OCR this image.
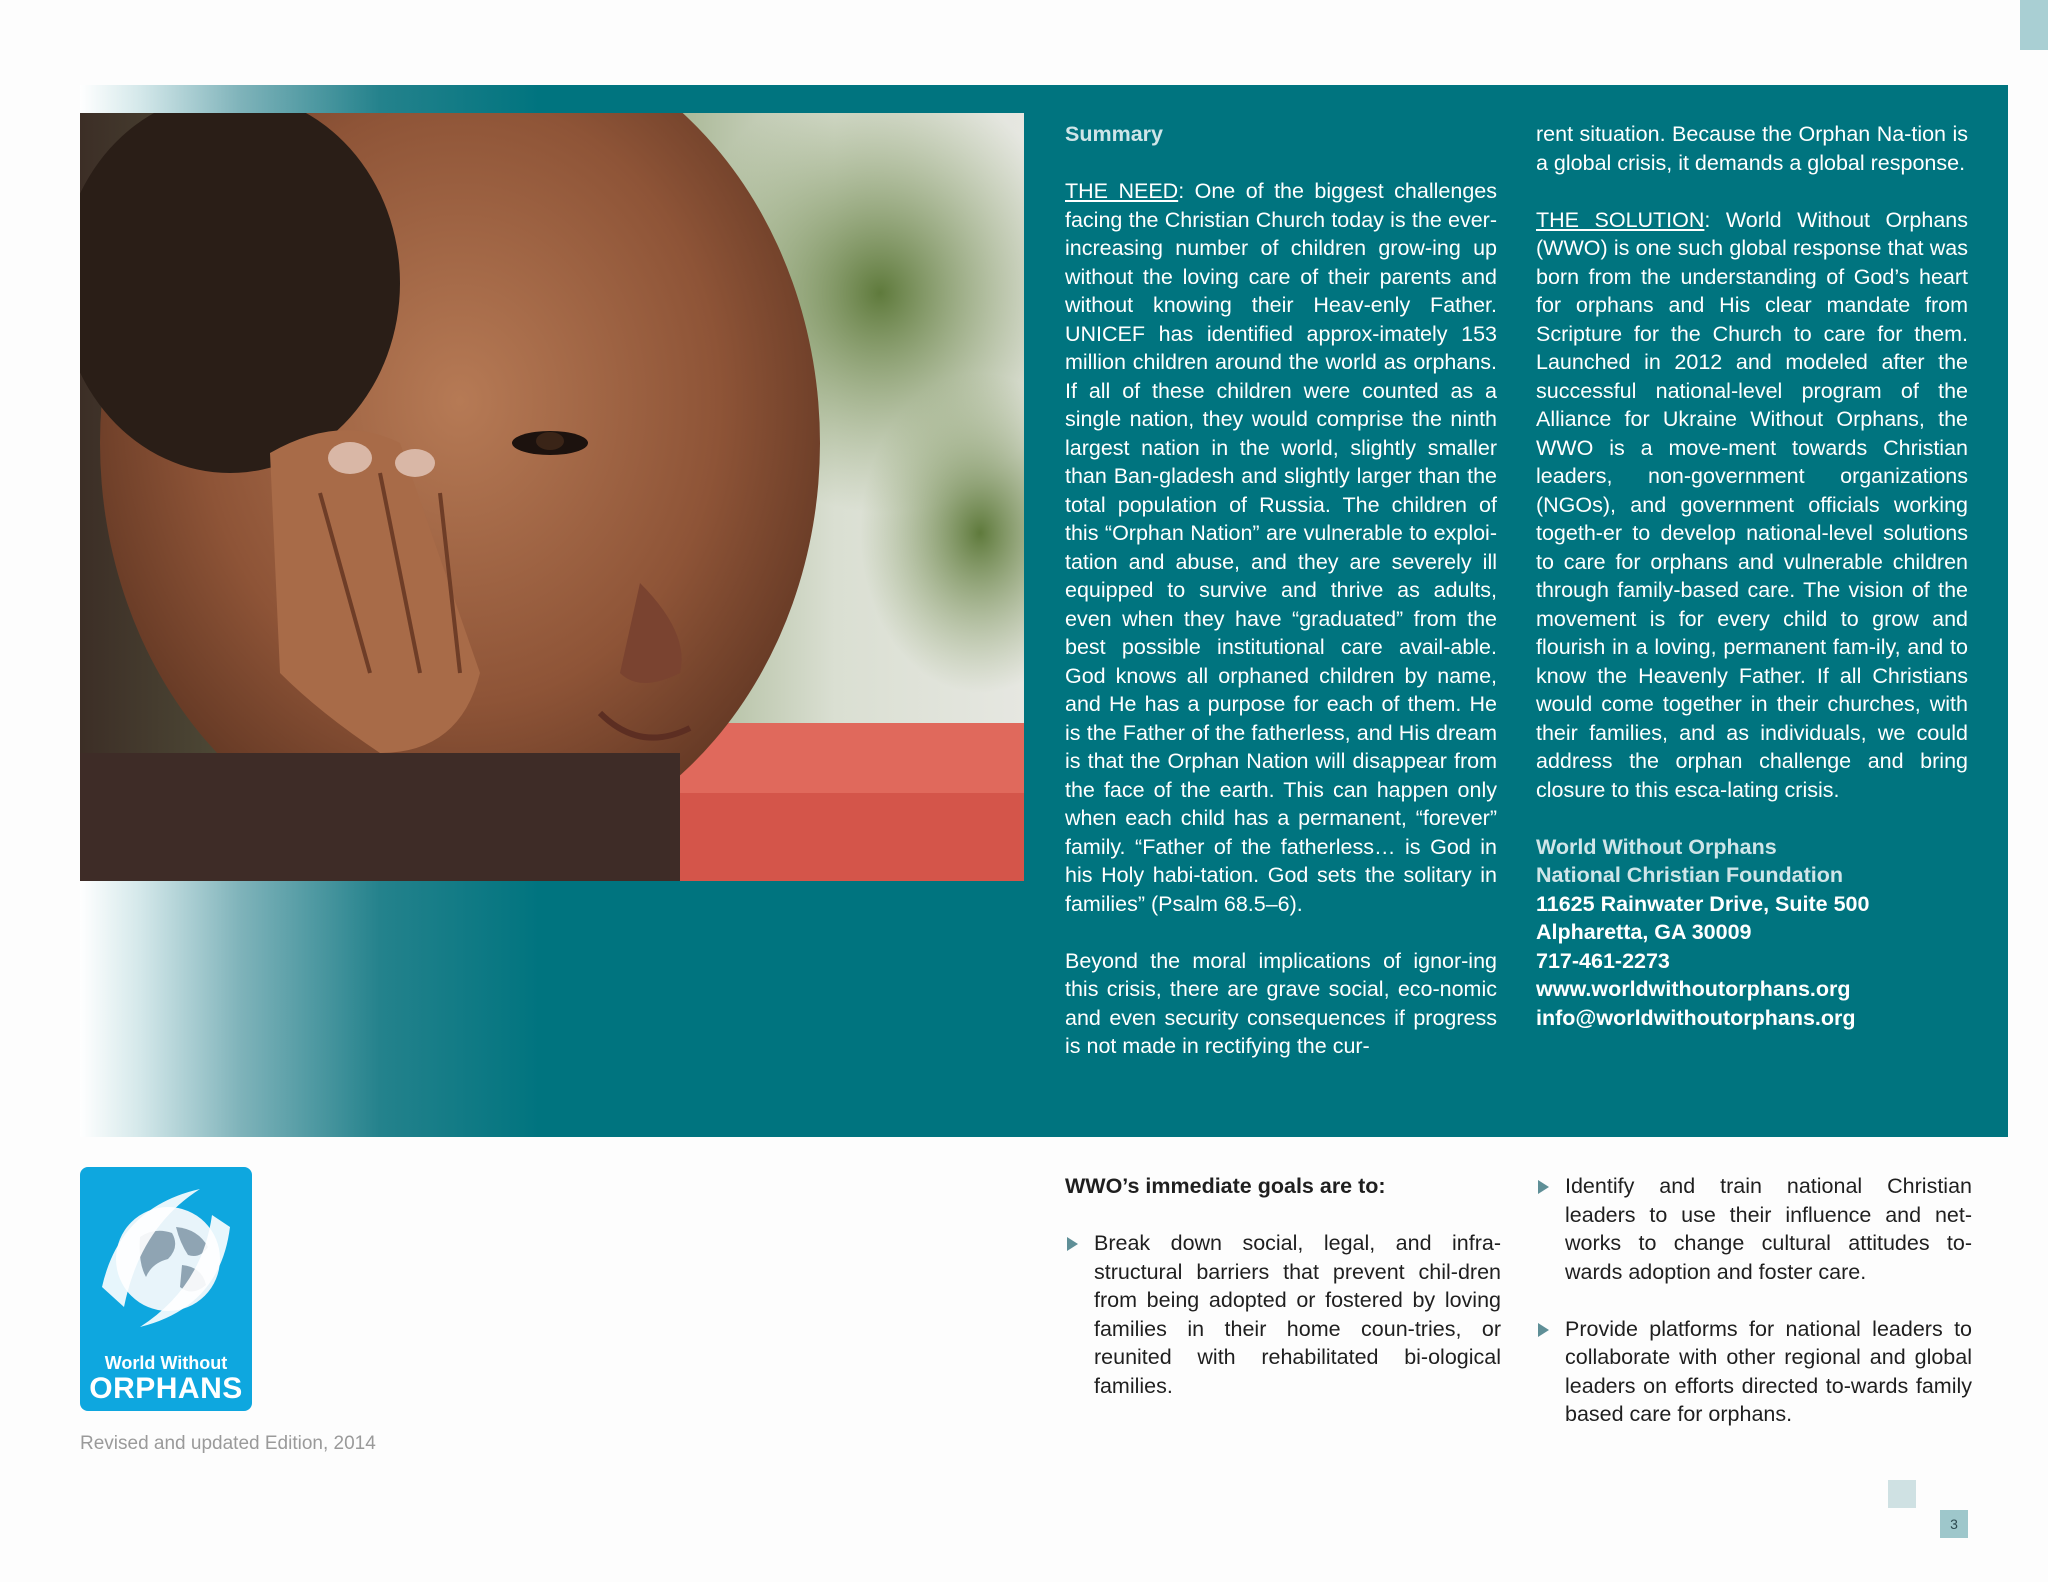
Summary

THE NEED: One of the biggest challenges facing the Christian Church today is the ever-increasing number of children grow-ing up without the loving care of their parents and without knowing their Heav-enly Father. UNICEF has identified approx-imately 153 million children around the world as orphans. If all of these children were counted as a single nation, they would comprise the ninth largest nation in the world, slightly smaller than Ban-gladesh and slightly larger than the total population of Russia. The children of this “Orphan Nation” are vulnerable to exploi-tation and abuse, and they are severely ill equipped to survive and thrive as adults, even when they have “graduated” from the best possible institutional care avail-able. God knows all orphaned children by name, and He has a purpose for each of them. He is the Father of the fatherless, and His dream is that the Orphan Nation will disappear from the face of the earth. This can happen only when each child has a permanent, “forever” family. “Father of the fatherless… is God in his Holy habi-tation. God sets the solitary in families” (Psalm 68.5–6).

Beyond the moral implications of ignor-ing this crisis, there are grave social, eco-nomic and even security consequences if progress is not made in rectifying the cur-

rent situation. Because the Orphan Na-tion is a global crisis, it demands a global response.

THE SOLUTION: World Without Orphans (WWO) is one such global response that was born from the understanding of God’s heart for orphans and His clear mandate from Scripture for the Church to care for them. Launched in 2012 and modeled after the successful national-level program of the Alliance for Ukraine Without Orphans, the WWO is a move-ment towards Christian leaders, non-government organizations (NGOs), and government officials working togeth-er to develop national-level solutions to care for orphans and vulnerable children through family-based care. The vision of the movement is for every child to grow and flourish in a loving, permanent fam-ily, and to know the Heavenly Father. If all Christians would come together in their churches, with their families, and as individuals, we could address the orphan challenge and bring closure to this esca-lating crisis.

World Without Orphans
National Christian Foundation
11625 Rainwater Drive, Suite 500
Alpharetta, GA 30009
717-461-2273
www.worldwithoutorphans.org
info@worldwithoutorphans.org
WWO’s immediate goals are to:
Break down social, legal, and infra-structural barriers that prevent chil-dren from being adopted or fostered by loving families in their home coun-tries, or reunited with rehabilitated bi-ological families.
Identify and train national Christian leaders to use their influence and net-works to change cultural attitudes to-wards adoption and foster care.
Provide platforms for national leaders to collaborate with other regional and global leaders on efforts directed to-wards family based care for orphans.
World Without
ORPHANS
Revised and updated Edition, 2014
3
